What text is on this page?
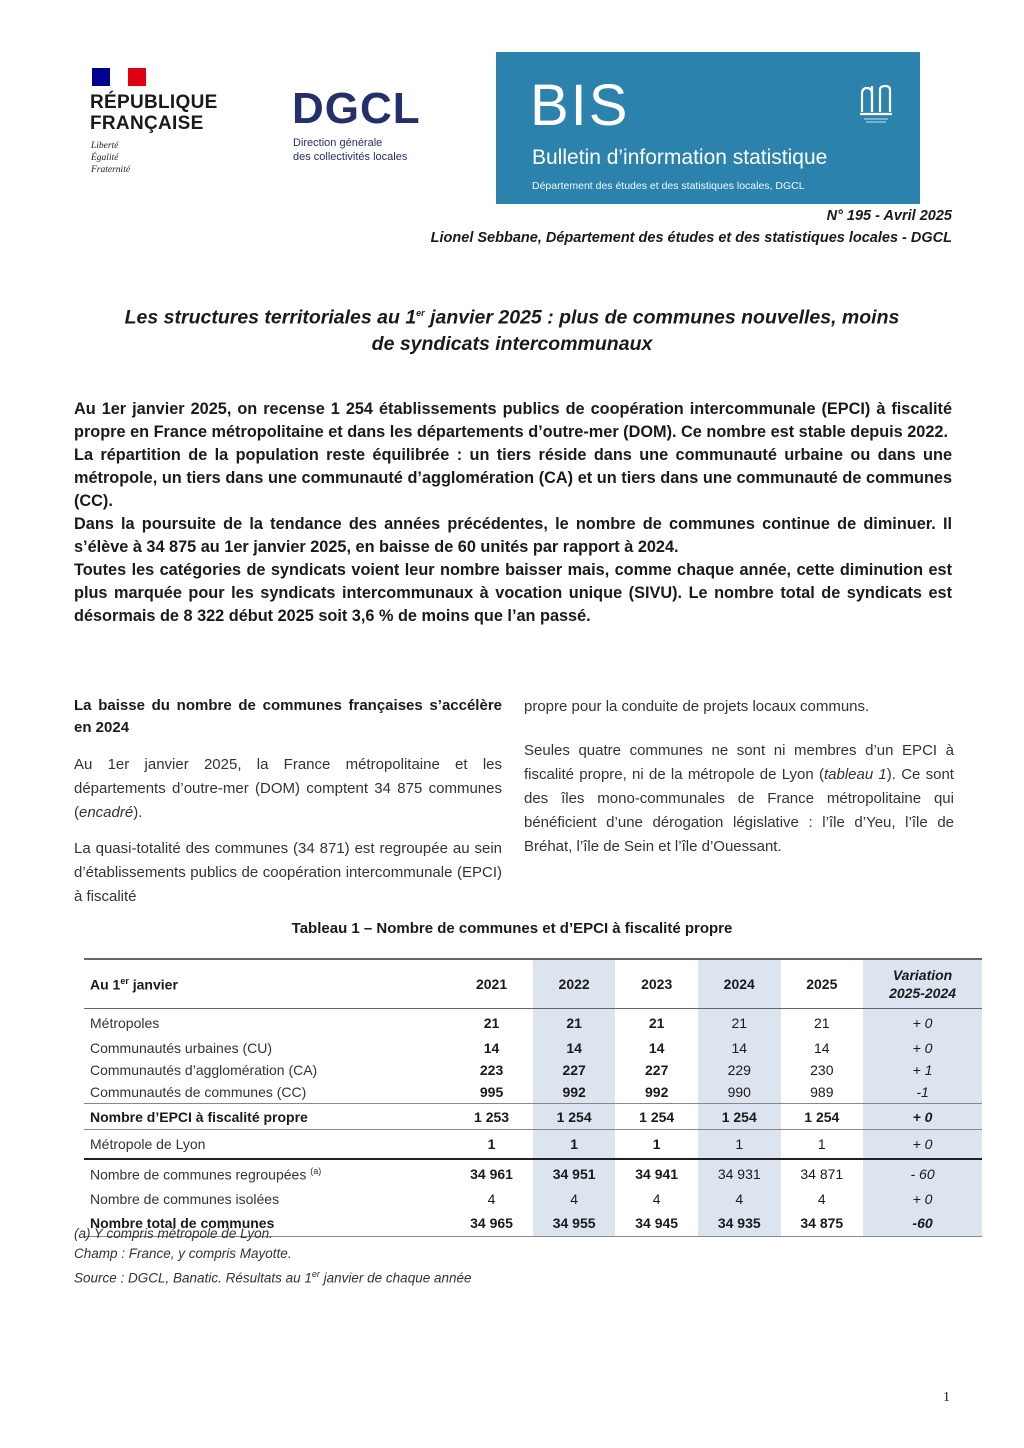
RÉPUBLIQUE
FRANÇAISE
Liberté
Égalité
Fraternité
DGCL
Direction générale
des collectivités locales
BIS
Bulletin d’information statistique
Département des études et des statistiques locales, DGCL
N° 195 - Avril 2025
Lionel Sebbane, Département des études et des statistiques locales - DGCL
Les structures territoriales au 1er janvier 2025 : plus de communes nouvelles, moins
de syndicats intercommunaux

Au 1er janvier 2025, on recense 1 254 établissements publics de coopération intercommunale (EPCI) à fiscalité propre en France métropolitaine et dans les départements d’outre-mer (DOM). Ce nombre est stable depuis 2022.

La répartition de la population reste équilibrée : un tiers réside dans une communauté urbaine ou dans une métropole, un tiers dans une communauté d’agglomération (CA) et un tiers dans une communauté de communes (CC).

Dans la poursuite de la tendance des années précédentes, le nombre de communes continue de diminuer. Il s’élève à 34 875 au 1er janvier 2025, en baisse de 60 unités par rapport à 2024.

Toutes les catégories de syndicats voient leur nombre baisser mais, comme chaque année, cette diminution est plus marquée pour les syndicats intercommunaux à vocation unique (SIVU). Le nombre total de syndicats est désormais de 8 322 début 2025 soit 3,6 % de moins que l’an passé.

La baisse du nombre de communes françaises s’accélère en 2024

Au 1er janvier 2025, la France métropolitaine et les départements d’outre-mer (DOM) comptent 34 875 communes (encadré).

La quasi-totalité des communes (34 871) est regroupée au sein d’établissements publics de coopération intercommunale (EPCI) à fiscalité

propre pour la conduite de projets locaux communs.

Seules quatre communes ne sont ni membres d’un EPCI à fiscalité propre, ni de la métropole de Lyon (tableau 1). Ce sont des îles mono-communales de France métropolitaine qui bénéficient d’une dérogation législative : l’île d’Yeu, l’île de Bréhat, l’île de Sein et l’île d’Ouessant.

Tableau 1 – Nombre de communes et d’EPCI à fiscalité propre
Au 1er janvier	2021	2022	2023	2024	2025	Variation
2025-2024

Métropoles	21	21	21	21	21	+ 0
Communautés urbaines (CU)	14	14	14	14	14	+ 0
Communautés d’agglomération (CA)	223	227	227	229	230	+ 1
Communautés de communes (CC)	995	992	992	990	989	-1
Nombre d’EPCI à fiscalité propre	1 253	1 254	1 254	1 254	1 254	+ 0
Métropole de Lyon	1	1	1	1	1	+ 0
Nombre de communes regroupées $^{(a)}$	34 961	34 951	34 941	34 931	34 871	- 60
Nombre de communes isolées	4	4	4	4	4	+ 0
Nombre total de communes	34 965	34 955	34 945	34 935	34 875	-60
(a) Y compris métropole de Lyon.
Champ : France, y compris Mayotte.
Source : DGCL, Banatic. Résultats au 1er janvier de chaque année
1
